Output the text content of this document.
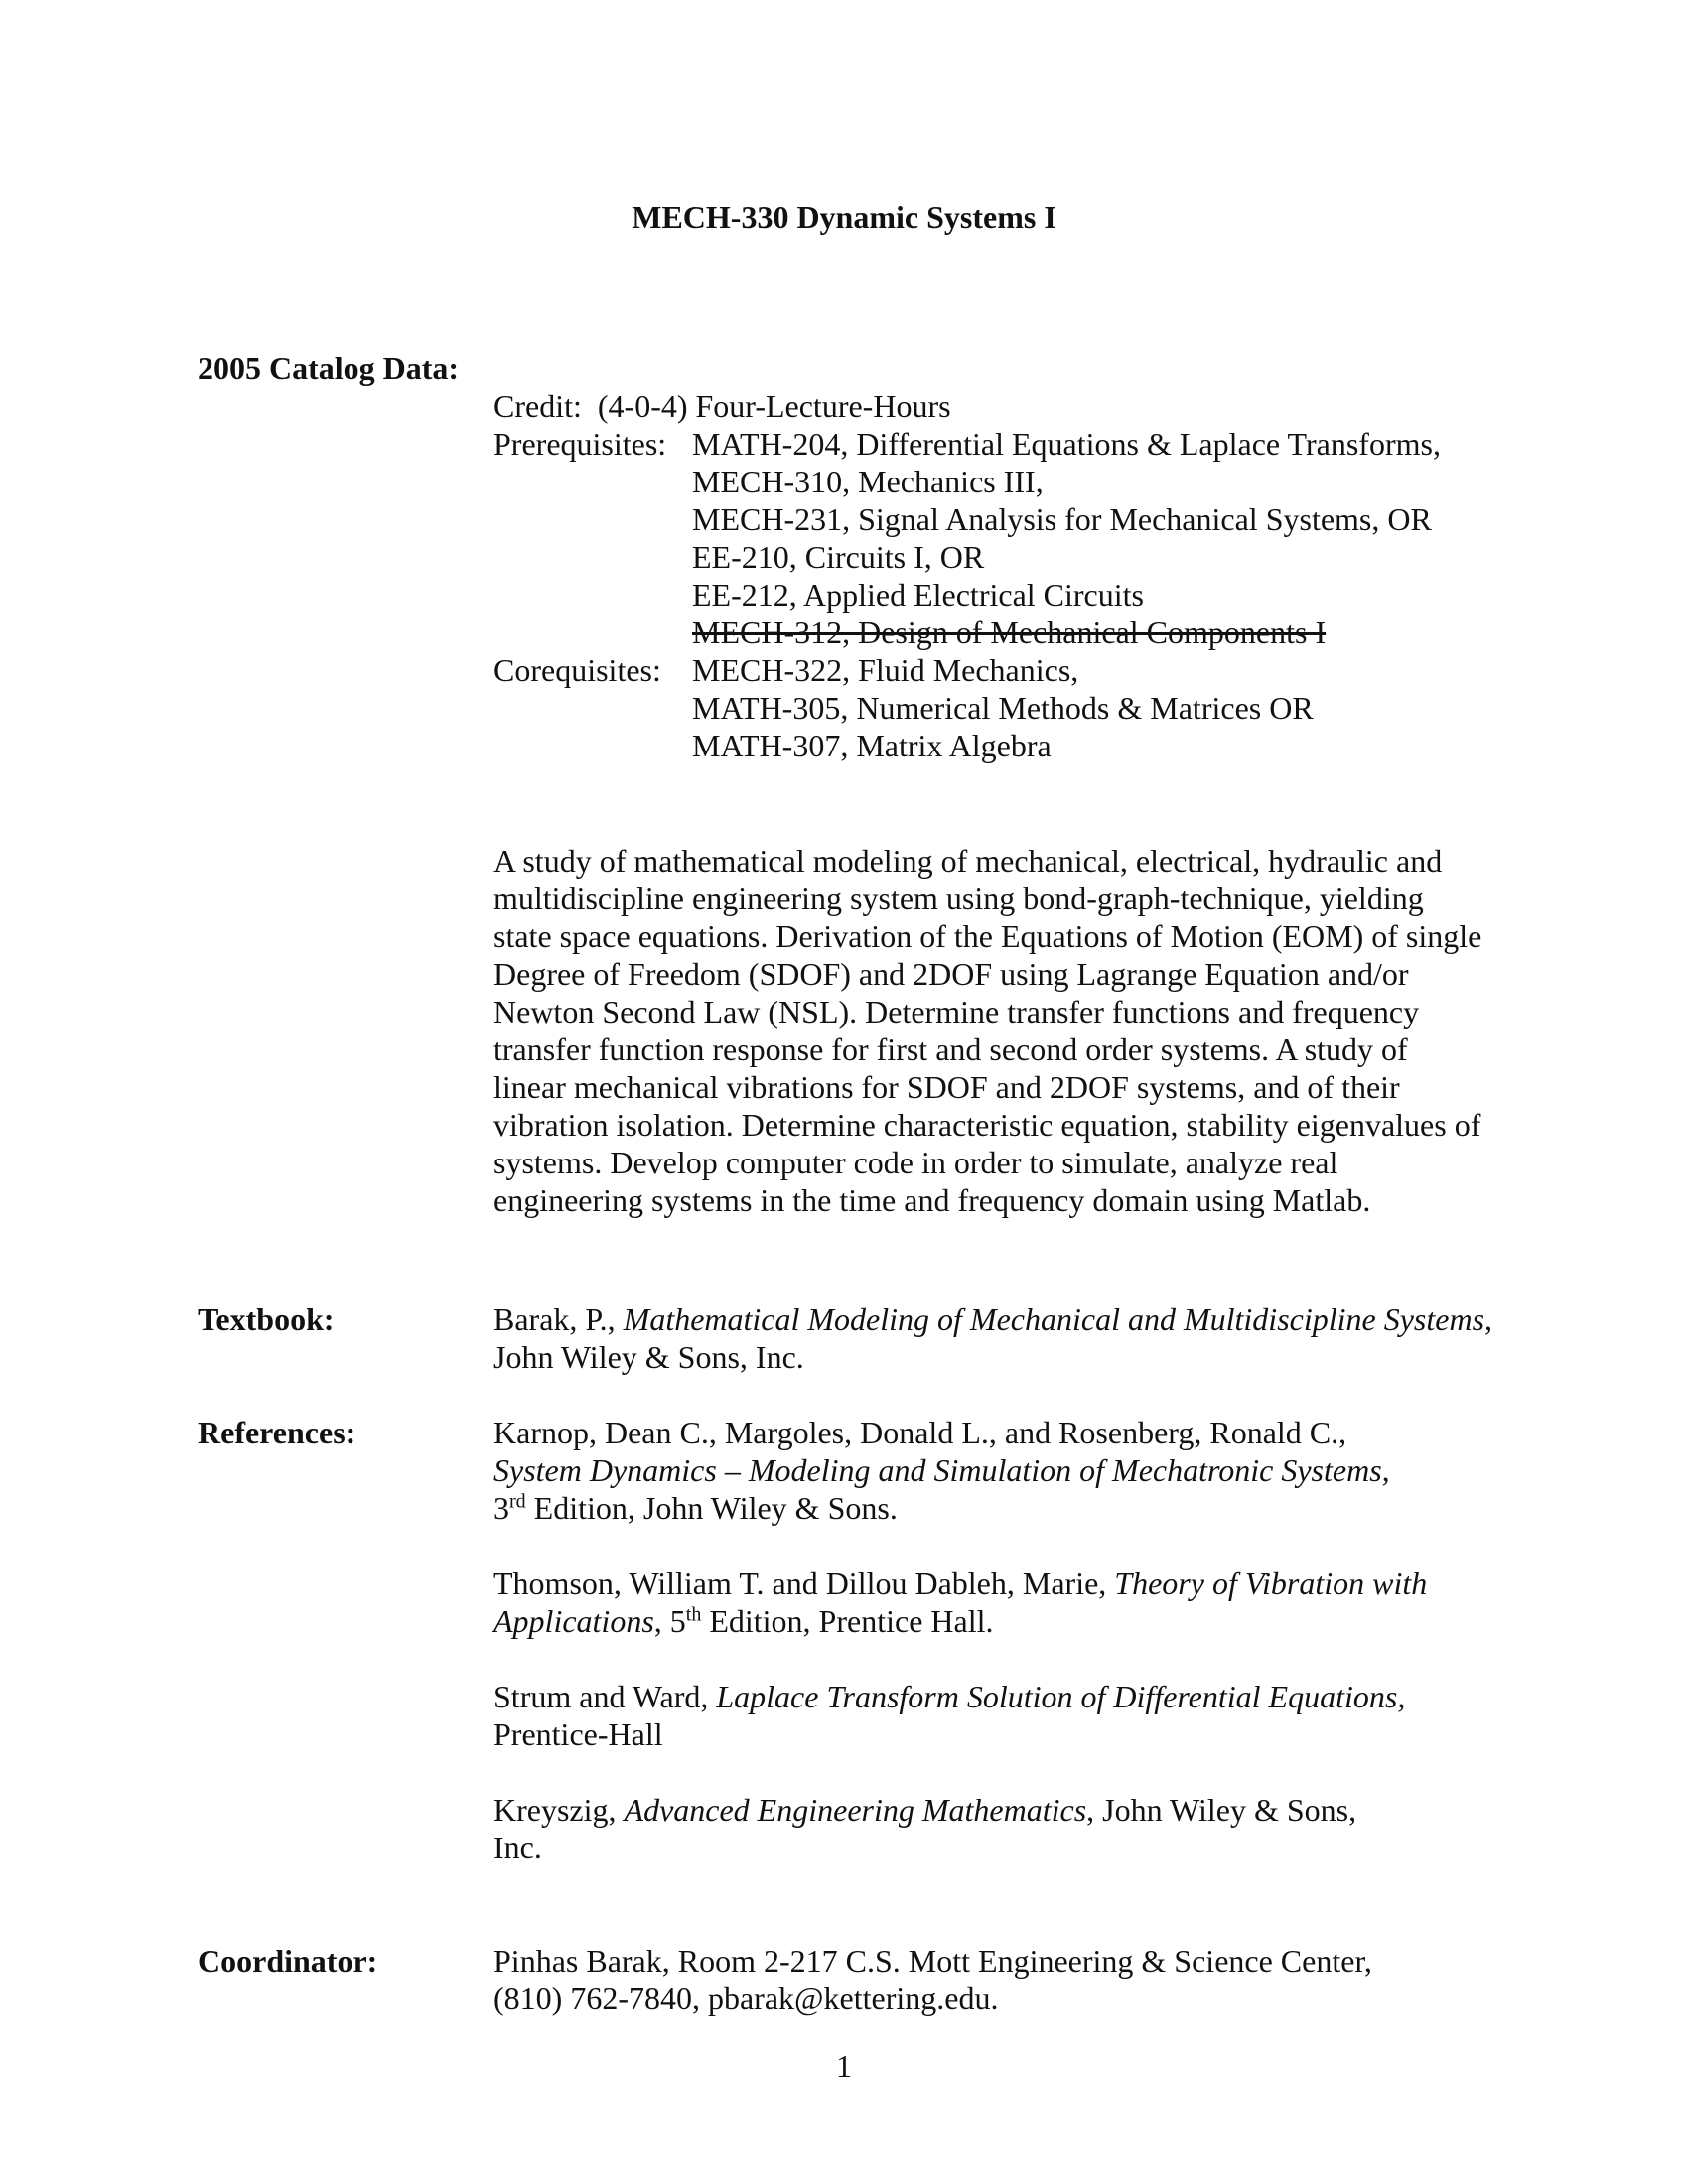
MECH-330 Dynamic Systems I
2005 Catalog Data:
Credit: (4-0-4) Four-Lecture-Hours
Prerequisites: MATH-204, Differential Equations & Laplace Transforms,
MECH-310, Mechanics III,
MECH-231, Signal Analysis for Mechanical Systems, OR
EE-210, Circuits I, OR
EE-212, Applied Electrical Circuits
MECH-312, Design of Mechanical Components I
Corequisites: MECH-322, Fluid Mechanics,
MATH-305, Numerical Methods & Matrices OR
MATH-307, Matrix Algebra

A study of mathematical modeling of mechanical, electrical, hydraulic and multidiscipline engineering system using bond-graph-technique, yielding state space equations. Derivation of the Equations of Motion (EOM) of single Degree of Freedom (SDOF) and 2DOF using Lagrange Equation and/or Newton Second Law (NSL). Determine transfer functions and frequency transfer function response for first and second order systems. A study of linear mechanical vibrations for SDOF and 2DOF systems, and of their vibration isolation. Determine characteristic equation, stability eigenvalues of systems. Develop computer code in order to simulate, analyze real engineering systems in the time and frequency domain using Matlab.

Textbook:	Barak, P., Mathematical Modeling of Mechanical and Multidiscipline Systems, John Wiley & Sons, Inc.

References:	Karnop, Dean C., Margoles, Donald L., and Rosenberg, Ronald C.,
System Dynamics – Modeling and Simulation of Mechatronic Systems,
3rd Edition, John Wiley & Sons.
Thomson, William T. and Dillou Dableh, Marie, Theory of Vibration with Applications, 5th Edition, Prentice Hall.
Strum and Ward, Laplace Transform Solution of Differential Equations,
Prentice-Hall

Kreyszig, Advanced Engineering Mathematics, John Wiley & Sons, Inc.

Coordinator:	Pinhas Barak, Room 2-217 C.S. Mott Engineering & Science Center,
(810) 762-7840, pbarak@kettering.edu.
1
